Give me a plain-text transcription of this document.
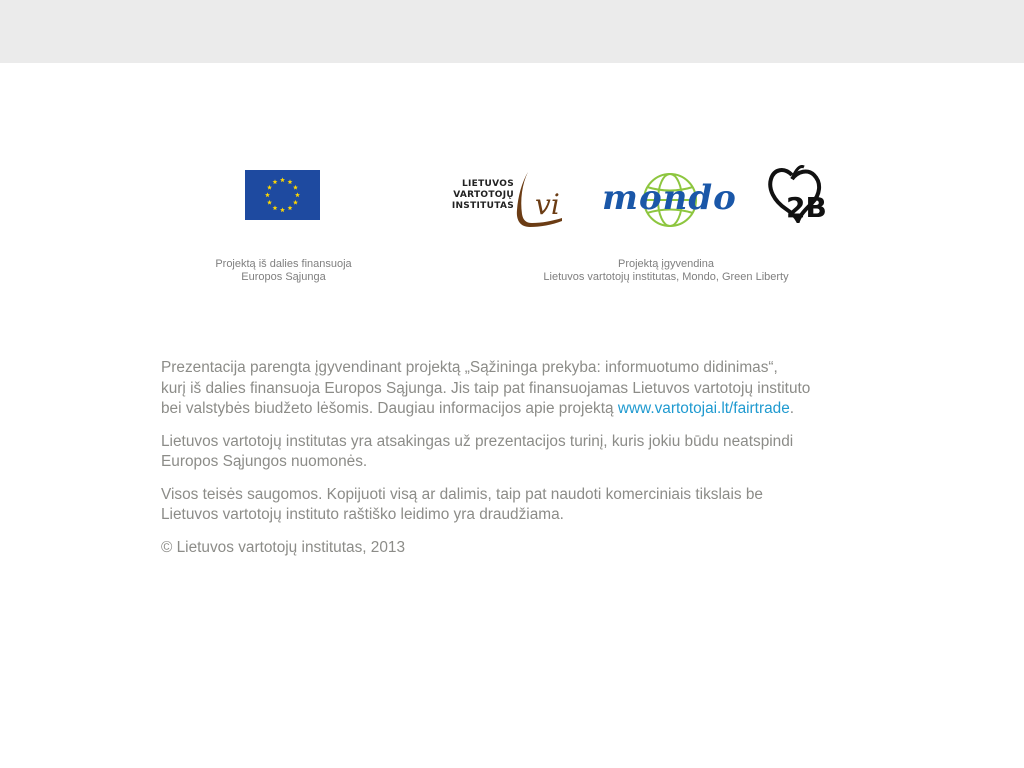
LIETUVOS
VARTOTOJŲ
INSTITUTAS vi mondo 2B
Projektą iš dalies finansuoja
Europos Sąjunga
Projektą įgyvendina
Lietuvos vartotojų institutas, Mondo, Green Liberty
Prezentacija parengta įgyvendinant projektą „Sąžininga prekyba: informuotumo didinimas“,
kurį iš dalies finansuoja Europos Sąjunga. Jis taip pat finansuojamas Lietuvos vartotojų instituto
bei valstybės biudžeto lėšomis. Daugiau informacijos apie projektą www.vartotojai.lt/fairtrade.
Lietuvos vartotojų institutas yra atsakingas už prezentacijos turinį, kuris jokiu būdu neatspindi
Europos Sąjungos nuomonės.
Visos teisės saugomos. Kopijuoti visą ar dalimis, taip pat naudoti komerciniais tikslais be
Lietuvos vartotojų instituto raštiško leidimo yra draudžiama.
© Lietuvos vartotojų institutas, 2013
